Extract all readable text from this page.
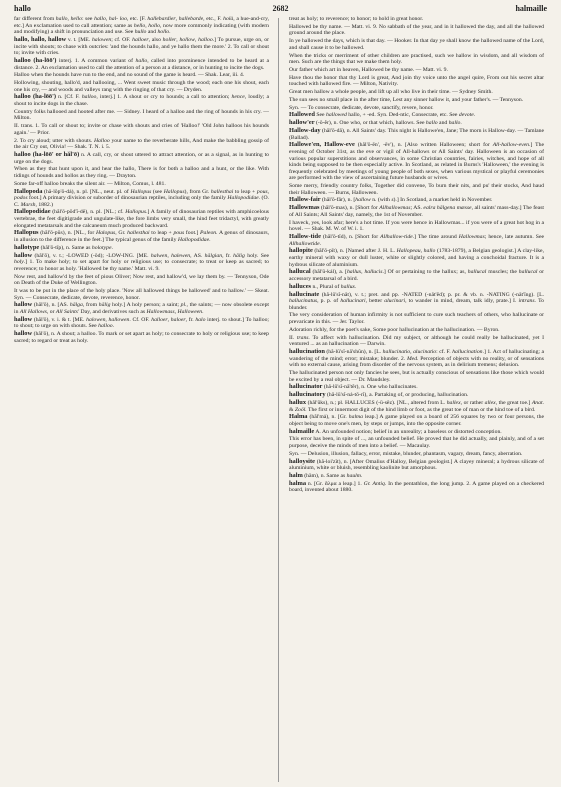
hallo	2682	halmaille

far different from hallo, hello: see hallo, hal- loo, etc. [F. hallebardier, hallebarde, etc., F. holà, a hue-and-cry, etc.] An exclamation used to call attention; same as hello, hollo, now more commonly indicating (with modern and modifying) a shift in pronunciation and use. See hullo and hollo.

hallo, hallo, hallow v. t. [ME. halowen; cf. OF. halloer, also holler, hollow, halloo.] To pursue, urge on, or incite with shouts; to chase with outcries: 'and the hounds hallo, and ye hallo them the more.' 2. To call or shout to; invite with cries.

halloo (ha-lōō') interj. 1. A common variant of hallo, called into prominence intended to be heard at a distance. 2. An exclamation used to call the attention of a person at a distance, or in hunting to incite the dogs.

Halloo when the hounds have run to the end, and no sound of the game is heard. — Shak. Lear, iii. 4.

Hollowing, shouting, hallo'd, and hallooing, ... Went sweet music through the wood; each one his shout, each one his cry, — and woods and valleys rang with the ringing of that cry. — Dryden.

halloo (ha-lōō') n. [Cf. F. halloo, interj.] 1. A shout or cry to hounds; a call to attention; hence, loudly; a shout to incite dogs in the chase.

Country folks hallooed and hooted after me. — Sidney. I heard of a halloo and the ring of hounds in his cry. — Milton.

II. trans. 1. To call or shout to; invite or chase with shouts and cries of 'Halloo!' 'Old John halloos his hounds again.' — Prior.

2. To cry aloud; utter with shouts. Halloo your name to the reverberate hills, And make the babbling gossip of the air Cry out, Olivia! — Shak. T. N. i. 5.

halloo (ha-lōō' or hăl'ō) n. A call, cry, or shout uttered to attract attention, or as a signal, as in hunting to urge on the dogs.

When as they that hunt upon it, and hear the hallo, There is for both a halloo and a hunt, or the like. With tidings of hounds and hollos as they ring. — Drayton.

Some far-off halloo breaks the silent air. — Milton, Comus, l. 481.

Hallopoda (hă-lŏp'ō-dȧ), n. pl. [NL., neut. pl. of Hallopus (see Hallopus), from Gr. hallesthai to leap + pous, podos foot.] A primary division or suborder of dinosaurian reptiles, including only the family Hallopodidae. (O. C. Marsh, 1882.)

Hallopodidae (hăl'ō-pŏd'ĭ-dē), n. pl. [NL.; cf. Hallopus.] A family of dinosaurian reptiles with amphicoelous vertebrae, the feet digitigrade and ungulate-like, the fore limbs very small, the hind feet tridactyl, with greatly elongated metatarsals and the calcaneum much produced backward.

Hallopus (hăl'ō-pŭs), n. [NL., for Halopus, Gr. hallesthai to leap + pous foot.] Paleon. A genus of dinosaurs, in allusion to the difference in the feet.] The typical genus of the family Hallopodidae.

hallotype (hăl'ō-tīp), n. Same as holotype.

hallow (hăl'ō), v. t.; -LOWED (-ōd); -LOW-ING. [ME. halwen, halewen, AS. hālgian, fr. hālig holy. See holy.] 1. To make holy; to set apart for holy or religious use; to consecrate; to treat or keep as sacred; to reverence; to honor as holy. 'Hallowed be thy name.' Matt. vi. 9.

Now rest, and hallow'd by the feet of pious Oliver; Now rest, and hallow'd, we lay them by. — Tennyson, Ode on Death of the Duke of Wellington.

It was to be put in the place of the holy place. 'Now all hallowed things be hallowed' and to hallow.' — Skeat. Syn. — Consecrate, dedicate, devote, reverence, honor.

hallow (hăl'ō), n. [AS. hālga, from hālig holy.] A holy person; a saint; pl., the saints; — now obsolete except in All Hallows, or All Saints' Day, and derivatives such as Hallowmass, Halloween.

hallow (hăl'ō), v. i. & t. [ME. halowen, hallowen. Cf. OF. halloer, haloer, fr. halo interj. to shout.] To halloo; to shout; to urge on with shouts. See halloo.

hallow (hăl'ō), n. A shout; a halloo. To mark or set apart as holy; to consecrate to holy or religious use; to keep sacred; to regard or treat as holy.

treat as holy; to reverence; to honor; to hold in great honor.

Hallowed be thy name. — Matt. vi. 9. No sabbath of the year, and in it hallowed the day, and all the hallowed ground around the place.

In ye hallowed the days, which is that day. — Hooker. In that day ye shall know the hallowed name of the Lord, and shall cause it to be hallowed.

When the tricks or merriment of other children are practised, such we hallow in wisdom, and all wisdom of men. Such are the things that we make them holy.

Our father which art in heaven, Hallowed be thy name. — Matt. vi. 9.

Have thou the honor that thy Lord is great, And join thy voice unto the angel quire, From out his secret altar touched with hallowed fire. — Milton, Nativity.

Great men hallow a whole people, and lift up all who live in their time. — Sydney Smith.

The sun sees no small place in the after time, Lest any sinner hallow it, and your father's. — Tennyson.

Syn. — To consecrate, dedicate, devote, sanctify, revere, honor.

Hallowed See hallowed hallo, + -ed. Syn. Ded-ntic, Consecrate, etc. See devote.

hallow'er (-ō-ẽr), n. One who, or that which, hallows. See hallo and hallo.

Hallow-day (hăl'ō-dā), n. All Saints' day. This night is Hallowe'en, Jane; The morn is Hallow-day. — Tamlane (Ballad).

Hallowe'en, Hallow-eve (hăl'ō-ēn', -ēv'), n. [Also written Halloween; short for All-hallow-even.] The evening of October 31st, as the eve or vigil of All-hallows or All Saints' day. Halloween is an occasion of various popular superstitions and observances, in some Christian countries, fairies, witches, and hope of all kinds being supposed to be then especially active. In Scotland, as related in Burns's 'Halloween,' the evening is frequently celebrated by meetings of young people of both sexes, when various mystical or playful ceremonies are performed with the view of ascertaining future husbands or wives.

Some merry, friendly country folks, Together did convene, To burn their nits, and pu' their stocks, And haud their Halloween. — Burns, Halloween.

Hallow-fair (hăl'ō-fâr), n. [hallow n. (with s).] In Scotland, a market held in November.

Hallowmas (hăl'ō-mas), n. [Short for Allhallowmas; AS. ealra hālgena mæsse, all saints' mass-day.] The feast of All Saints; All Saints' day, namely, the 1st of November.

I haveck, yes, look afar; here's a hot time. If you were hence in Hallowmas... if you were of a great hot hog in a hovel. — Shak. M. W. of W. i. 1.

Hallow-tide (hăl'ō-tīd), n. [Short for Allhallow-tide.] The time around Hallowmas; hence, late autumn. See Allhallowtide.

hallopite (hăl'ō-pīt), n. [Named after J. H. L. Hallopeau, hallo (1783-1879), a Belgian geologist.] A clay-like, earthy mineral with waxy or dull luster, white or slightly colored, and having a conchoidal fracture. It is a hydrous silicate of aluminium.

hallucal (hăl'ū-kȧl), a. [hallux, hallucis.] Of or pertaining to the hallux; as, hallucal muscles; the hallucal or accessory metatarsal of a bird.

halluces n., Plural of hallux.

hallucinate (hă-lū'sĭ-nāt), v. t.; pret. and pp. -NATED (-nāt'ĕd); p. pr. & vb. n. -NATING (-nāt'ĭng). [L. hallucinatus, p. p. of hallucinari, better alucinari, to wander in mind, dream, talk idly, prate.] I. intrans. To blunder.

The very consideration of human infirmity is not sufficient to cure such teachers of others, who hallucinate or prevaricate in this. — Jer. Taylor.

Adoration richly, for the poet's sake, Some poor hallucination at the hallucination. — Byron.

II. trans. To affect with hallucination. Did my subject, or although he could really be hallucinated, yet I ventured ... as an hallucination — Darwin.

hallucination (hă-lū'sĭ-nā'shŭn), n. [L. hallucinatio, alucinatio: cf. F. hallucination.] 1. Act of hallucinating; a wandering of the mind; error; mistake; blunder. 2. Med. Perception of objects with no reality, or of sensations with no external cause, arising from disorder of the nervous system, as in delirium tremens; delusion.

The hallucinated person not only fancies he sees, but is actually conscious of sensations like those which would be excited by a real object. — Dr. Maudsley.

hallucinator (hă-lū'sĭ-nā'tẽr), n. One who hallucinates.

hallucinatory (hă-lū'sĭ-nȧ-tō-rĭ), a. Partaking of, or producing, hallucination.

hallux (hăl'ŭks), n.; pl. HALLUCES (-ū-sēz). [NL., altered from L. hallex, or rather allex, the great toe.] Anat. & Zoöl. The first or innermost digit of the hind limb or foot, as the great toe of man or the hind toe of a bird.

Halma (hăl'mȧ), n. [Gr. halma leap.] A game played on a board of 256 squares by two or four persons, the object being to move one's men, by steps or jumps, into the opposite corner.

halmaille A. An unfounded notion; belief in an unreality; a baseless or distorted conception.

This error has been, in spite of ..., an unfounded belief. He proved that he did actually, and plainly, and of a set purpose, deceive the minds of men into a belief. — Macaulay.

Syn. — Delusion, illusion, fallacy, error, mistake, blunder, phantasm, vagary, dream, fancy, aberration.

halloysite (hă-loi'zīt), n. [After Omalius d'Halloy, Belgian geologist.] A clayey mineral; a hydrous silicate of aluminium, white or bluish, resembling kaolinite but amorphous.

halm (häm), n. Same as haulm.

halma n. [Gr. ἅλμα a leap.] 1. Gr. Antiq. In the pentathlon, the long jump. 2. A game played on a checkered board, invented about 1880.
